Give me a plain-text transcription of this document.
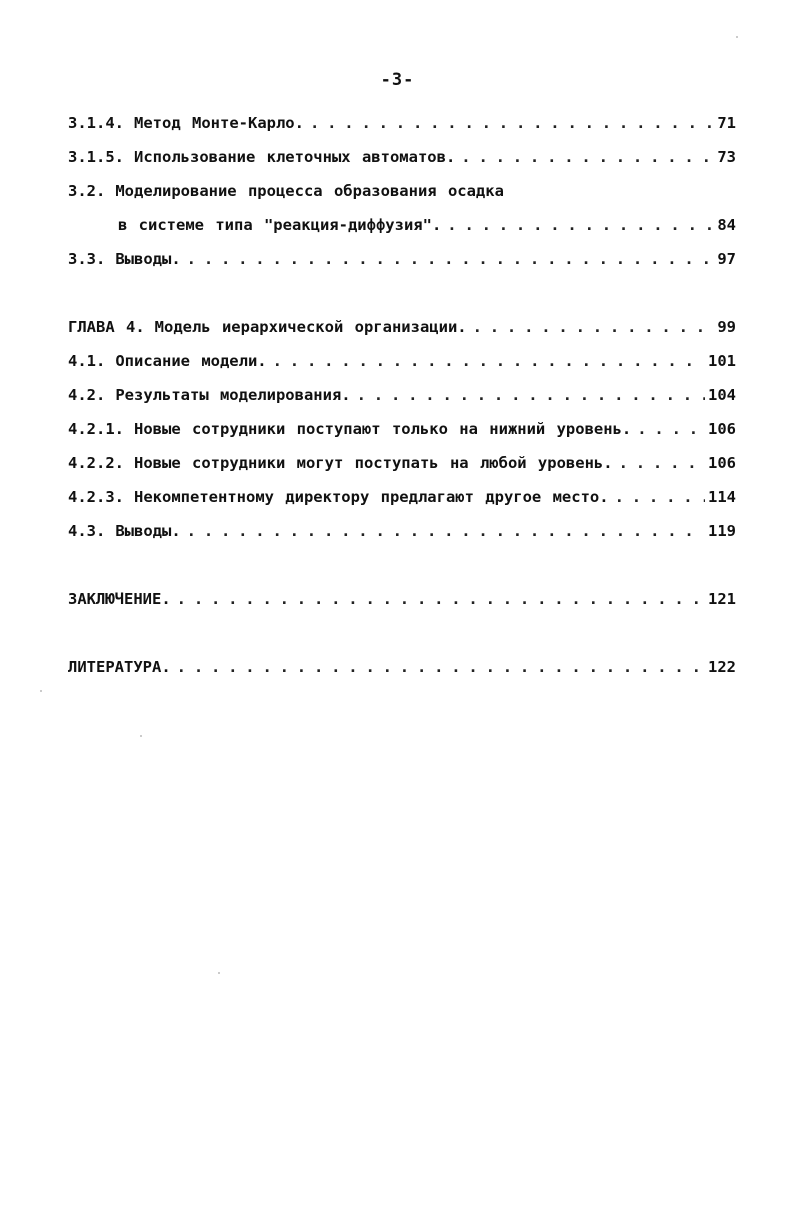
-3-
3.1.4. Метод Монте-Карло. . . .	71
3.1.5. Использование клеточных автоматов. . . .	73
3.2. Моделирование процесса образования осадка
в системе типа "реакция-диффузия". . . .	84
3.3. Выводы. . . .	97
ГЛАВА 4. Модель иерархической организации. . . .	99
4.1. Описание модели. . . .	101
4.2. Результаты моделирования. . . .	104
4.2.1. Новые сотрудники поступают только на нижний уровень. . . .	106
4.2.2. Новые сотрудники могут поступать на любой уровень. . . .	106
4.2.3. Некомпетентному директору предлагают другое место. . . .	114
4.3. Выводы. . . .	119
ЗАКЛЮЧЕНИЕ. . . .	121
ЛИТЕРАТУРА. . . .	122
